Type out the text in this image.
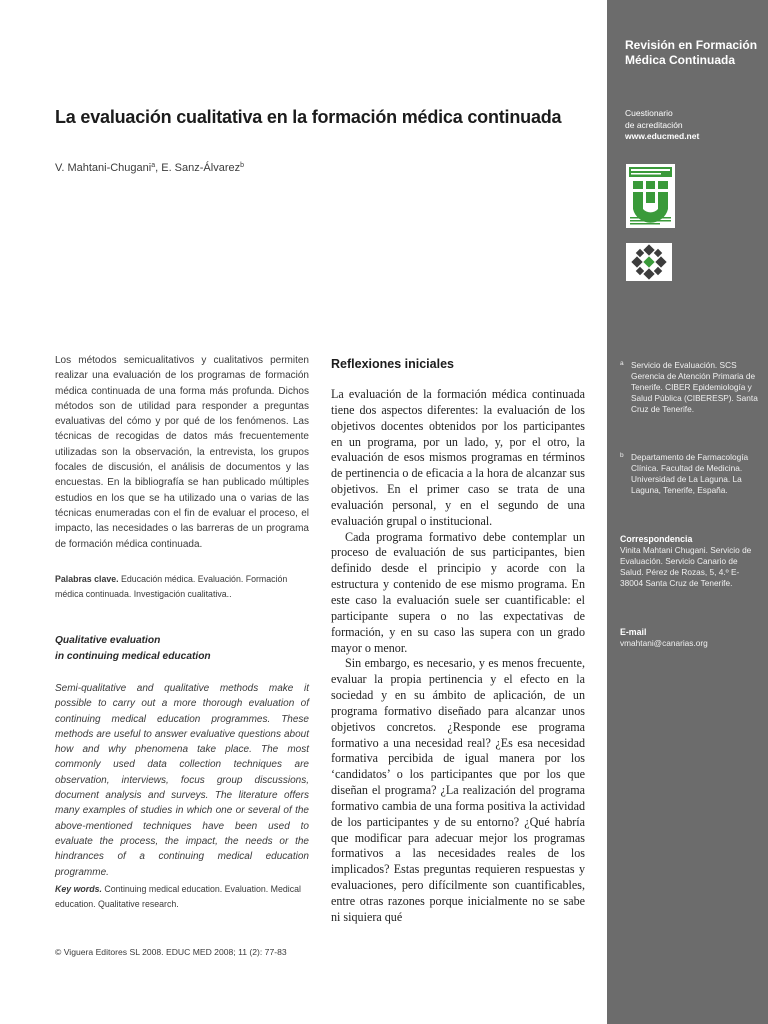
Revisión en Formación
Médica Continuada
Cuestionario
de acreditación
www.educmed.net
a Servicio de Evaluación. SCS Gerencia de Atención Primaria de Tenerife. CIBER Epidemiología y Salud Pública (CIBERESP). Santa Cruz de Tenerife.
b Departamento de Farmacología Clínica. Facultad de Medicina. Universidad de La Laguna. La Laguna, Tenerife, España.
Correspondencia
Vinita Mahtani Chugani. Servicio de Evaluación. Servicio Canario de Salud. Pérez de Rozas, 5, 4.º E-38004 Santa Cruz de Tenerife.
E-mail
vmahtani@canarias.org
La evaluación cualitativa en la formación médica continuada
V. Mahtani-Chugani$^a$, E. Sanz-Álvarez$^b$
Los métodos semicualitativos y cualitativos permiten realizar una evaluación de los programas de formación médica continuada de una forma más profunda. Dichos métodos son de utilidad para responder a preguntas evaluativas del cómo y por qué de los fenómenos. Las técnicas de recogidas de datos más frecuentemente utilizadas son la observación, la entrevista, los grupos focales de discusión, el análisis de documentos y las encuestas. En la bibliografía se han publicado múltiples estudios en los que se ha utilizado una o varias de las técnicas enumeradas con el fin de evaluar el proceso, el impacto, las necesidades o las barreras de un programa de formación médica continuada.
Palabras clave. Educación médica. Evaluación. Formación médica continuada. Investigación cualitativa..
Qualitative evaluation
in continuing medical education
Semi-qualitative and qualitative methods make it possible to carry out a more thorough evaluation of continuing medical education programmes. These methods are useful to answer evaluative questions about how and why phenomena take place. The most commonly used data collection techniques are observation, interviews, focus group discussions, document analysis and surveys. The literature offers many examples of studies in which one or several of the above-mentioned techniques have been used to evaluate the process, the impact, the needs or the hindrances of a continuing medical education programme.
Key words. Continuing medical education. Evaluation. Medical education. Qualitative research.
© Viguera Editores SL 2008. EDUC MED 2008; 11 (2): 77-83
Reflexiones iniciales

La evaluación de la formación médica continuada tiene dos aspectos diferentes: la evaluación de los objetivos docentes obtenidos por los participantes en un programa, por un lado, y, por el otro, la evaluación de esos mismos programas en términos de pertinencia o de eficacia a la hora de alcanzar sus objetivos. En el primer caso se trata de una evaluación personal, y en el segundo de una evaluación grupal o institucional.

Cada programa formativo debe contemplar un proceso de evaluación de sus participantes, bien definido desde el principio y acorde con la estructura y contenido de ese mismo programa. En este caso la evaluación suele ser cuantificable: el participante supera o no las expectativas de formación, y en su caso las supera con un grado mayor o menor.

Sin embargo, es necesario, y es menos frecuente, evaluar la propia pertinencia y el efecto en la sociedad y en su ámbito de aplicación, de un programa formativo diseñado para alcanzar unos objetivos concretos. ¿Responde ese programa formativo a una necesidad real? ¿Es esa necesidad formativa percibida de igual manera por los ‘candidatos’ o los participantes que por los que diseñan el programa? ¿La realización del programa formativo cambia de una forma positiva la actividad de los participantes y de su entorno? ¿Qué habría que modificar para adecuar mejor los programas formativos a las necesidades reales de los implicados? Estas preguntas requieren respuestas y evaluaciones, pero difícilmente son cuantificables, entre otras razones porque inicialmente no se sabe ni siquiera qué
